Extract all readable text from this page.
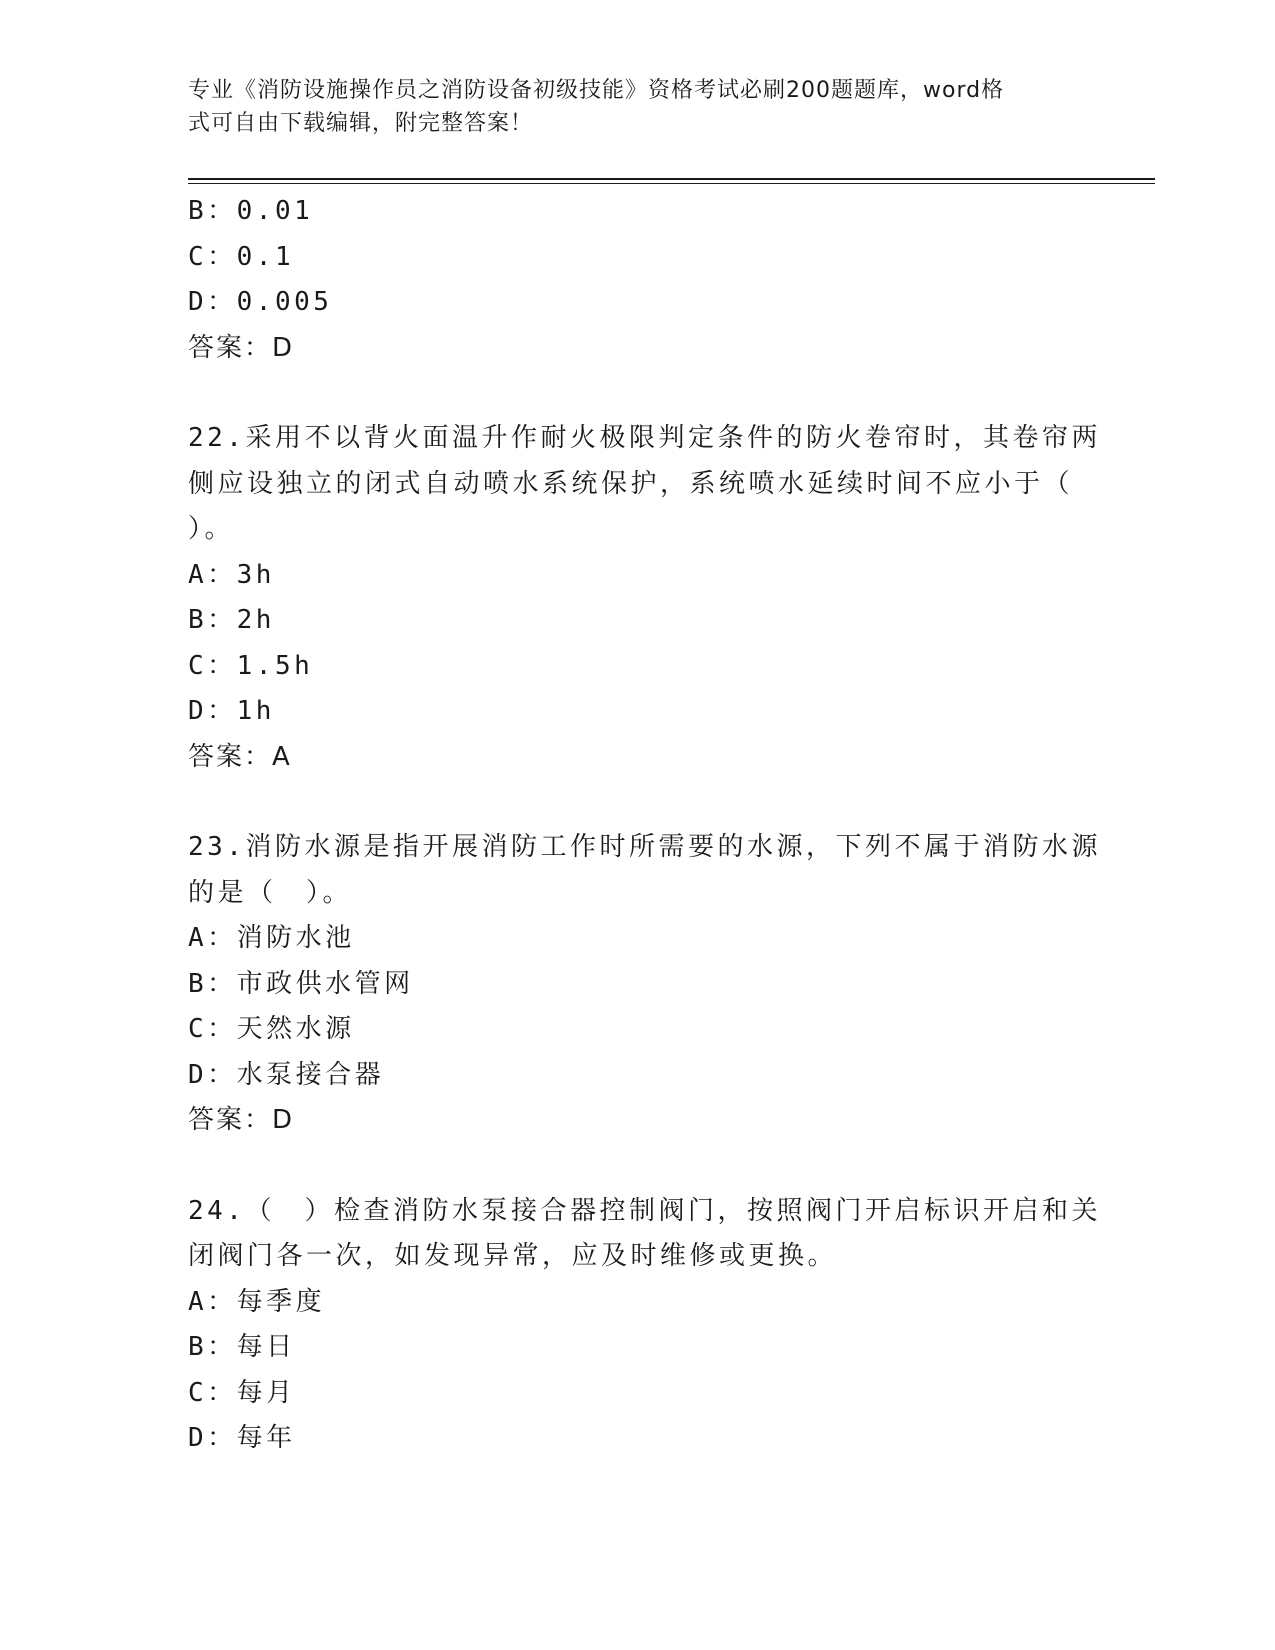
专业《消防设施操作员之消防设备初级技能》资格考试必刷200题题库，word格
式可自由下载编辑，附完整答案！
B：0.01
C：0.1
D：0.005
答案：D
22.采用不以背火面温升作耐火极限判定条件的防火卷帘时，其卷帘两
侧应设独立的闭式自动喷水系统保护，系统喷水延续时间不应小于（
）。
A：3h
B：2h
C：1.5h
D：1h
答案：A
23.消防水源是指开展消防工作时所需要的水源，下列不属于消防水源
的是（　）。
A：消防水池
B：市政供水管网
C：天然水源
D：水泵接合器
答案：D
24.（　）检查消防水泵接合器控制阀门，按照阀门开启标识开启和关
闭阀门各一次，如发现异常，应及时维修或更换。
A：每季度
B：每日
C：每月
D：每年
